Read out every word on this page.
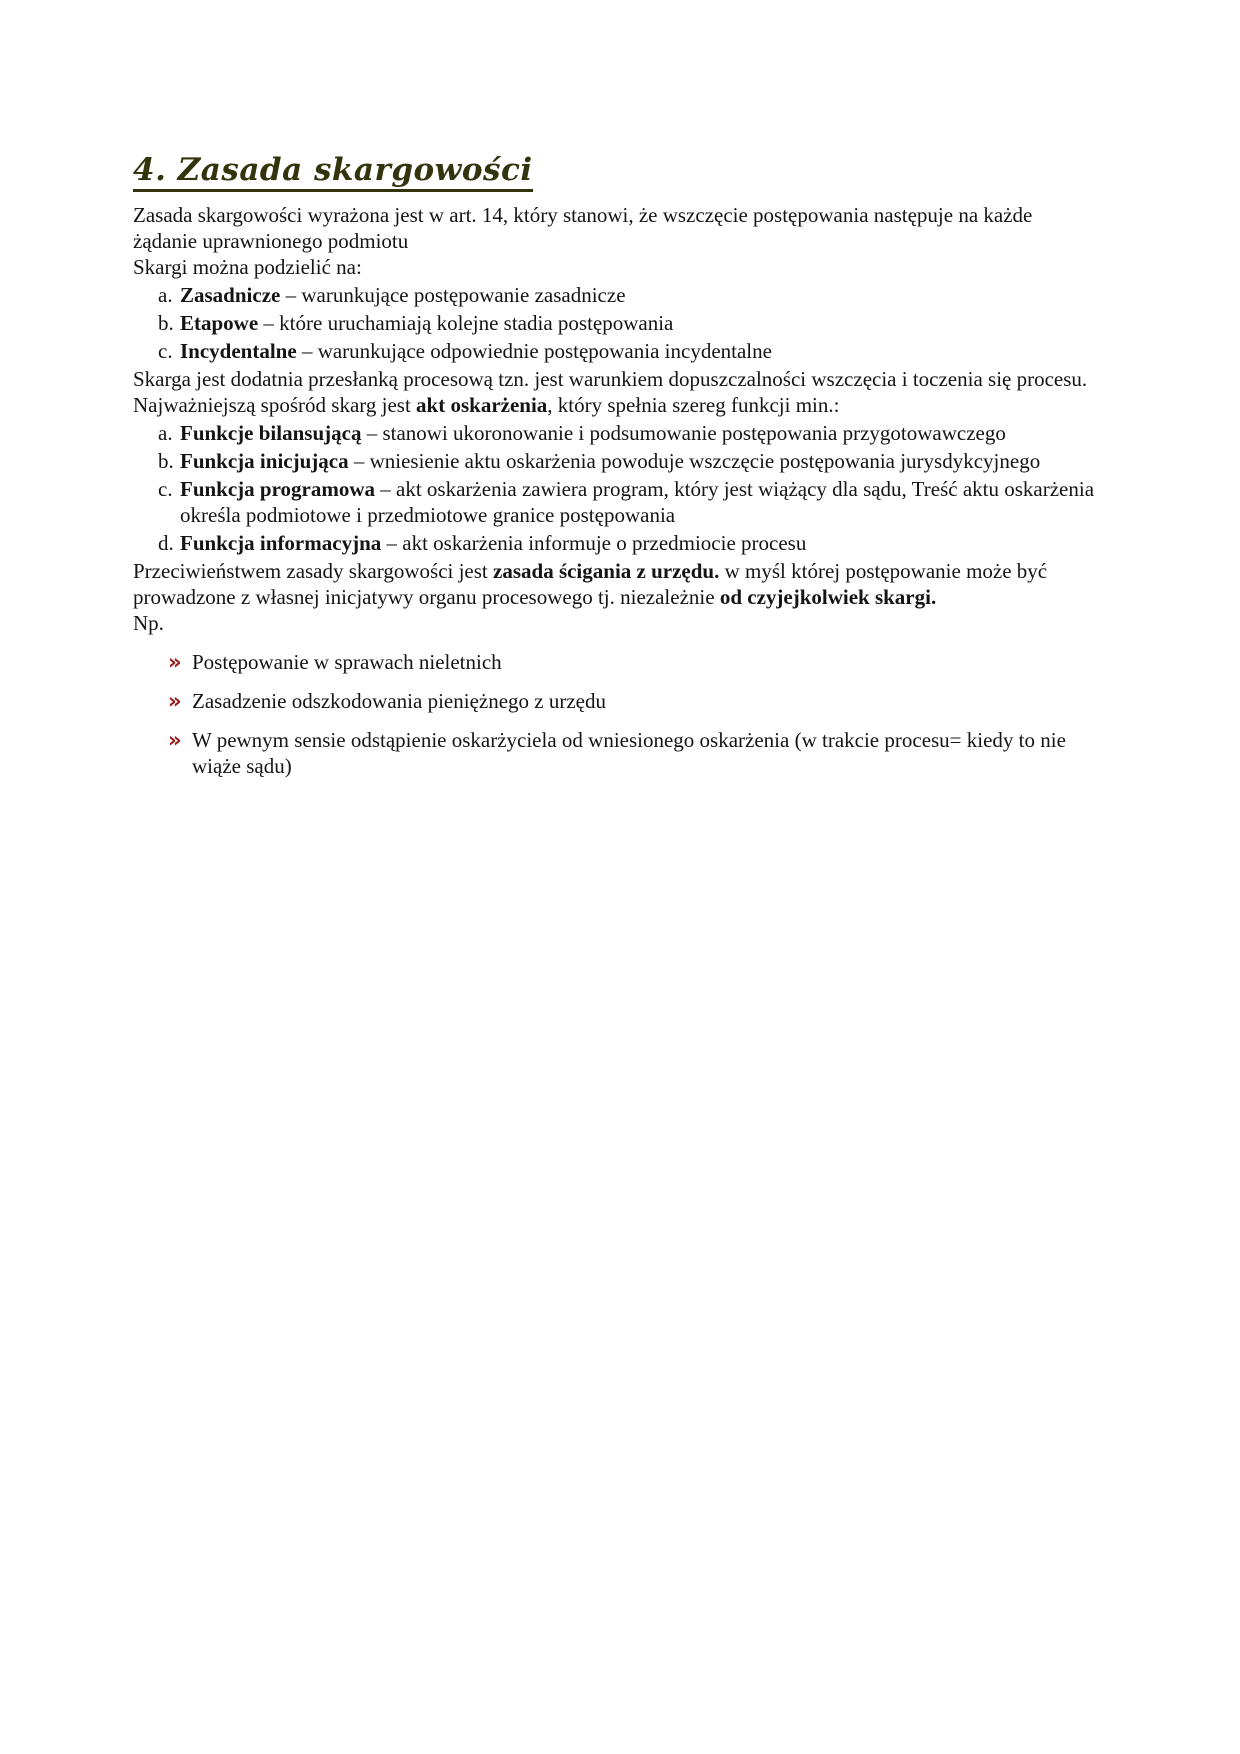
4. Zasada skargowości

Zasada skargowości wyrażona jest w art. 14, który stanowi, że wszczęcie postępowania następuje na każde żądanie uprawnionego podmiotu

Skargi można podzielić na:

a. Zasadnicze – warunkujące postępowanie zasadnicze
b. Etapowe – które uruchamiają kolejne stadia postępowania
c. Incydentalne – warunkujące odpowiednie postępowania incydentalne

Skarga jest dodatnia przesłanką procesową tzn. jest warunkiem dopuszczalności wszczęcia i toczenia się procesu.

Najważniejszą spośród skarg jest akt oskarżenia, który spełnia szereg funkcji min.:

a. Funkcje bilansującą – stanowi ukoronowanie i podsumowanie postępowania przygotowawczego
b. Funkcja inicjująca – wniesienie aktu oskarżenia powoduje wszczęcie postępowania jurysdykcyjnego
c. Funkcja programowa – akt oskarżenia zawiera program, który jest wiążący dla sądu, Treść aktu oskarżenia określa podmiotowe i przedmiotowe granice postępowania
d. Funkcja informacyjna – akt oskarżenia informuje o przedmiocie procesu

Przeciwieństwem zasady skargowości jest zasada ścigania z urzędu. w myśl której postępowanie może być prowadzone z własnej inicjatywy organu procesowego tj. niezależnie od czyjejkolwiek skargi.

Np.

» Postępowanie w sprawach nieletnich
» Zasadzenie odszkodowania pieniężnego z urzędu
» W pewnym sensie odstąpienie oskarżyciela od wniesionego oskarżenia (w trakcie procesu= kiedy to nie wiąże sądu)
